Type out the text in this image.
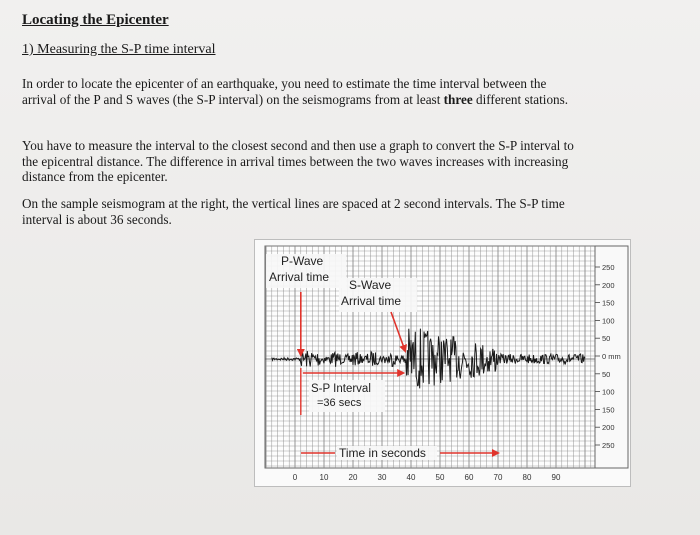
Locating the Epicenter
1) Measuring the S-P time interval
In order to locate the epicenter of an earthquake, you need to estimate the time interval between the arrival of the P and S waves (the S-P interval) on the seismograms from at least three different stations.
You have to measure the interval to the closest second and then use a graph to convert the S-P interval to the epicentral distance. The difference in arrival times between the two waves increases with increasing distance from the epicenter.
On the sample seismogram at the right, the vertical lines are spaced at 2 second intervals. The S-P time interval is about 36 seconds.
P-Wave
Arrival time
S-Wave
Arrival time
S-P Interval
=36 secs
Time in seconds
0	10	20	30	40	50	60	70	80	90
250
200
150
100
50
0 mm
50
100
150
200
250
